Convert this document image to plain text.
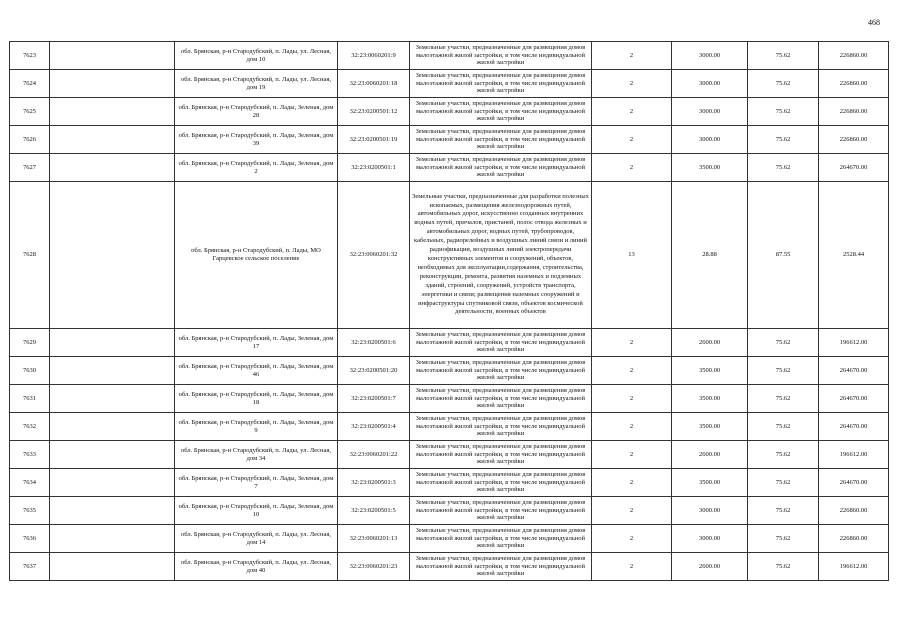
468
7623		обл. Брянская, р-н Стародубский, п. Лады, ул. Лесная, дом 10	32:23:0060201:9	Земельные участки, предназначенные для размещения домов малоэтажной жилой застройки, в том числе индивидуальной жилой застройки	2	3000.00	75.62	226860.00
7624		обл. Брянская, р-н Стародубский, п. Лады, ул. Лесная, дом 19	32:23:0060201:18	Земельные участки, предназначенные для размещения домов малоэтажной жилой застройки, в том числе индивидуальной жилой застройки	2	3000.00	75.62	226860.00
7625		обл. Брянская, р-н Стародубский, п. Лады, Зеленая, дом 28	32:23:0200501:12	Земельные участки, предназначенные для размещения домов малоэтажной жилой застройки, в том числе индивидуальной жилой застройки	2	3000.00	75.62	226860.00
7626		обл. Брянская, р-н Стародубский, п. Лады, Зеленая, дом 39	32:23:0200501:19	Земельные участки, предназначенные для размещения домов малоэтажной жилой застройки, в том числе индивидуальной жилой застройки	2	3000.00	75.62	226860.00
7627		обл. Брянская, р-н Стародубский, п. Лады, Зеленая, дом 2	32:23:0200501:1	Земельные участки, предназначенные для размещения домов малоэтажной жилой застройки, в том числе индивидуальной жилой застройки	2	3500.00	75.62	264670.00
7628		обл. Брянская, р-н Стародубский, п. Лады, МО Гарцевское сельское поселение	32:23:0060201:32	Земельные участки, предназначенные для разработки полезных ископаемых, размещения железнодорожных путей, автомобильных дорог, искусственно созданных внутренних водных путей, причалов, пристаней, полос отвода железных и автомобильных дорог, водных путей, трубопроводов, кабельных, радиорелейных и воздушных линий связи и линий радиофикации, воздушных линий электропередачи конструктивных элементов и сооружений, объектов, необходимых для эксплуатации,содержания, строительства, реконструкции, ремонта, развития наземных и подземных зданий, строений, сооружений, устройств транспорта, энергетики и связи; размещения наземных сооружений и инфраструктуры спутниковой связи, объектов космической деятельности, военных объектов	13	28.88	87.55	2528.44
7629		обл. Брянская, р-н Стародубский, п. Лады, Зеленая, дом 17	32:23:0200501:6	Земельные участки, предназначенные для размещения домов малоэтажной жилой застройки, в том числе индивидуальной жилой застройки	2	2600.00	75.62	196612.00
7630		обл. Брянская, р-н Стародубский, п. Лады, Зеленая, дом 46	32:23:0200501:20	Земельные участки, предназначенные для размещения домов малоэтажной жилой застройки, в том числе индивидуальной жилой застройки	2	3500.00	75.62	264670.00
7631		обл. Брянская, р-н Стародубский, п. Лады, Зеленая, дом 18	32:23:0200501:7	Земельные участки, предназначенные для размещения домов малоэтажной жилой застройки, в том числе индивидуальной жилой застройки	2	3500.00	75.62	264670.00
7632		обл. Брянская, р-н Стародубский, п. Лады, Зеленая, дом 9	32:23:0200501:4	Земельные участки, предназначенные для размещения домов малоэтажной жилой застройки, в том числе индивидуальной жилой застройки	2	3500.00	75.62	264670.00
7633		обл. Брянская, р-н Стародубский, п. Лады, ул. Лесная, дом 34	32:23:0060201:22	Земельные участки, предназначенные для размещения домов малоэтажной жилой застройки, в том числе индивидуальной жилой застройки	2	2600.00	75.62	196612.00
7634		обл. Брянская, р-н Стародубский, п. Лады, Зеленая, дом 7	32:23:0200501:3	Земельные участки, предназначенные для размещения домов малоэтажной жилой застройки, в том числе индивидуальной жилой застройки	2	3500.00	75.62	264670.00
7635		обл. Брянская, р-н Стародубский, п. Лады, Зеленая, дом 10	32:23:0200501:5	Земельные участки, предназначенные для размещения домов малоэтажной жилой застройки, в том числе индивидуальной жилой застройки	2	3000.00	75.62	226860.00
7636		обл. Брянская, р-н Стародубский, п. Лады, ул. Лесная, дом 14	32:23:0060201:13	Земельные участки, предназначенные для размещения домов малоэтажной жилой застройки, в том числе индивидуальной жилой застройки	2	3000.00	75.62	226860.00
7637		обл. Брянская, р-н Стародубский, п. Лады, ул. Лесная, дом 40	32:23:0060201:23	Земельные участки, предназначенные для размещения домов малоэтажной жилой застройки, в том числе индивидуальной жилой застройки	2	2600.00	75.62	196612.00
